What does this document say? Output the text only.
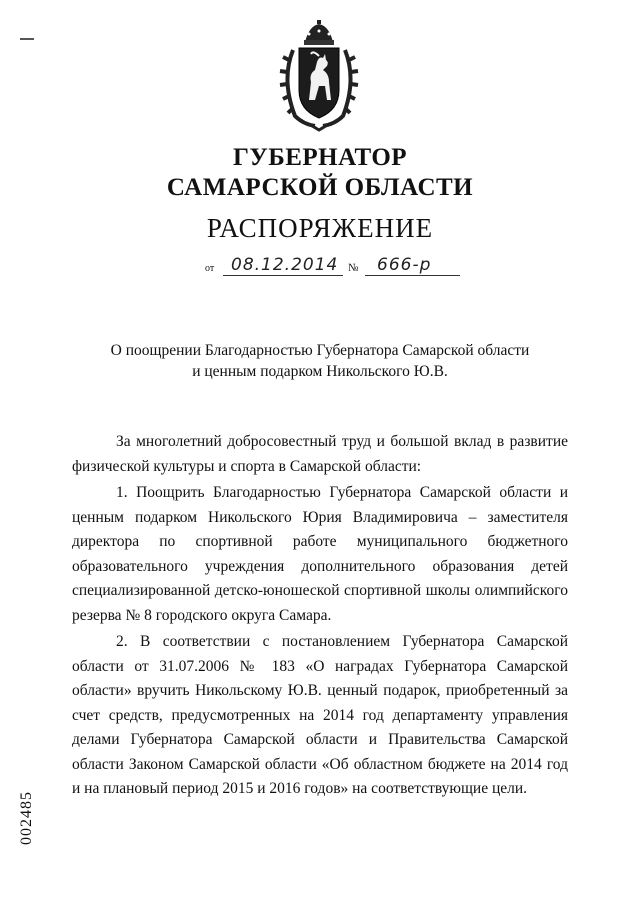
ГУБЕРНАТОР
САМАРСКОЙ ОБЛАСТИ
РАСПОРЯЖЕНИЕ
от 08.12.2014 № 666-р
О поощрении Благодарностью Губернатора Самарской области
и ценным подарком Никольского Ю.В.

За многолетний добросовестный труд и большой вклад в развитие физической культуры и спорта в Самарской области:

1. Поощрить Благодарностью Губернатора Самарской области и ценным подарком Никольского Юрия Владимировича – заместителя директора по спортивной работе муниципального бюджетного образовательного учреждения дополнительного образования детей специализированной детско-юношеской спортивной школы олимпийского резерва № 8 городского округа Самара.

2. В соответствии с постановлением Губернатора Самарской области от 31.07.2006 № 183 «О наградах Губернатора Самарской области» вручить Никольскому Ю.В. ценный подарок, приобретенный за счет средств, предусмотренных на 2014 год департаменту управления делами Губернатора Самарской области и Правительства Самарской области Законом Самарской области «Об областном бюджете на 2014 год и на плановый период 2015 и 2016 годов» на соответствующие цели.

002485
